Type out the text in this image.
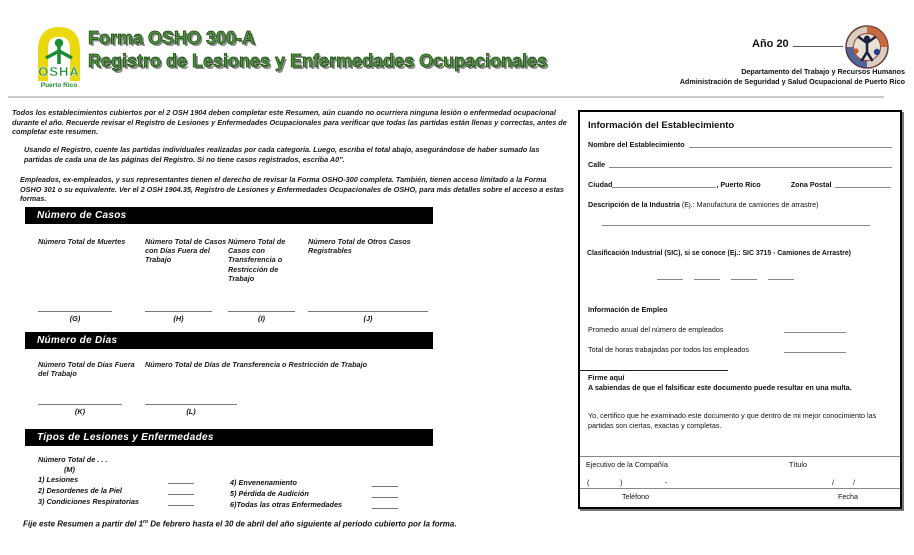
OSHA
Puerto Rico
Forma OSHO 300-A
Registro de Lesiones y Enfermedades Ocupacionales
Año 20
Departamento del Trabajo y Recursos Humanos
Administración de Seguridad y Salud Ocupacional de Puerto Rico
Todos los establecimientos cubiertos por el 2 OSH 1904 deben completar este Resumen, aún cuando no ocurriera ninguna lesión o enfermedad ocupacional durante el año. Recuerde revisar el Registro de Lesiones y Enfermedades Ocupacionales para verificar que todas las partidas están llenas y correctas, antes de completar este resumen.
Usando el Registro, cuente las partidas individuales realizadas por cada categoría. Luego, escriba el total abajo, asegurándose de haber sumado las partidas de cada una de las páginas del Registro. Si no tiene casos registrados, escriba A0".
Empleados, ex-empleados, y sus representantes tienen el derecho de revisar la Forma OSHO-300 completa. También, tienen acceso limitado a la Forma OSHO 301 o su equivalente. Ver el 2 OSH 1904.35, Registro de Lesiones y Enfermedades Ocupacionales de OSHO, para más detalles sobre el acceso a estas formas.
Número de Casos
Número Total de Muertes	Número Total de Casos con Días Fuera del Trabajo
Número Total de Casos con Transferencia o Restricción de Trabajo
Número Total de Otros Casos Registrables
(G)	(H)	(I)	(J)
Número de Días
Número Total de Días Fuera del Trabajo
Número Total de Días de Transferencia o Restricción de Trabajo
(K)	(L)
Tipos de Lesiones y Enfermedades
Número Total de . . .
(M)
1) Lesiones
2) Desordenes de la Piel
3) Condiciones Respiratorias
4) Envenenamiento
5) Pérdida de Audición
6)Todas las otras Enfermedades
Fije este Resumen a partir del $1^{ro}$ De febrero hasta el 30 de abril del año siguiente al periodo cubierto por la forma.
Información del Establecimiento
Nombre del Establecimiento
Calle
Ciudad	, Puerto Rico	Zona Postal
Descripción de la Industria
(Ej.: Manufactura de camiones de arrastre)
Clasificación Industrial (SIC), si se conoce (Ej.: SIC 3715 - Camiones de Arrastre)
Información de Empleo
Promedio anual del número de empleados
Total de horas trabajadas por todos los empleados
Firme aquí
A sabiendas de que el falsificar este documento puede resultar en una multa.
Yo, certifico que he examinado este documento y que dentro de mi mejor conocimiento las partidas son ciertas, exactas y completas.
Ejecutivo de la Compañía	Título
(	)	-	/	/
Teléfono	Fecha
